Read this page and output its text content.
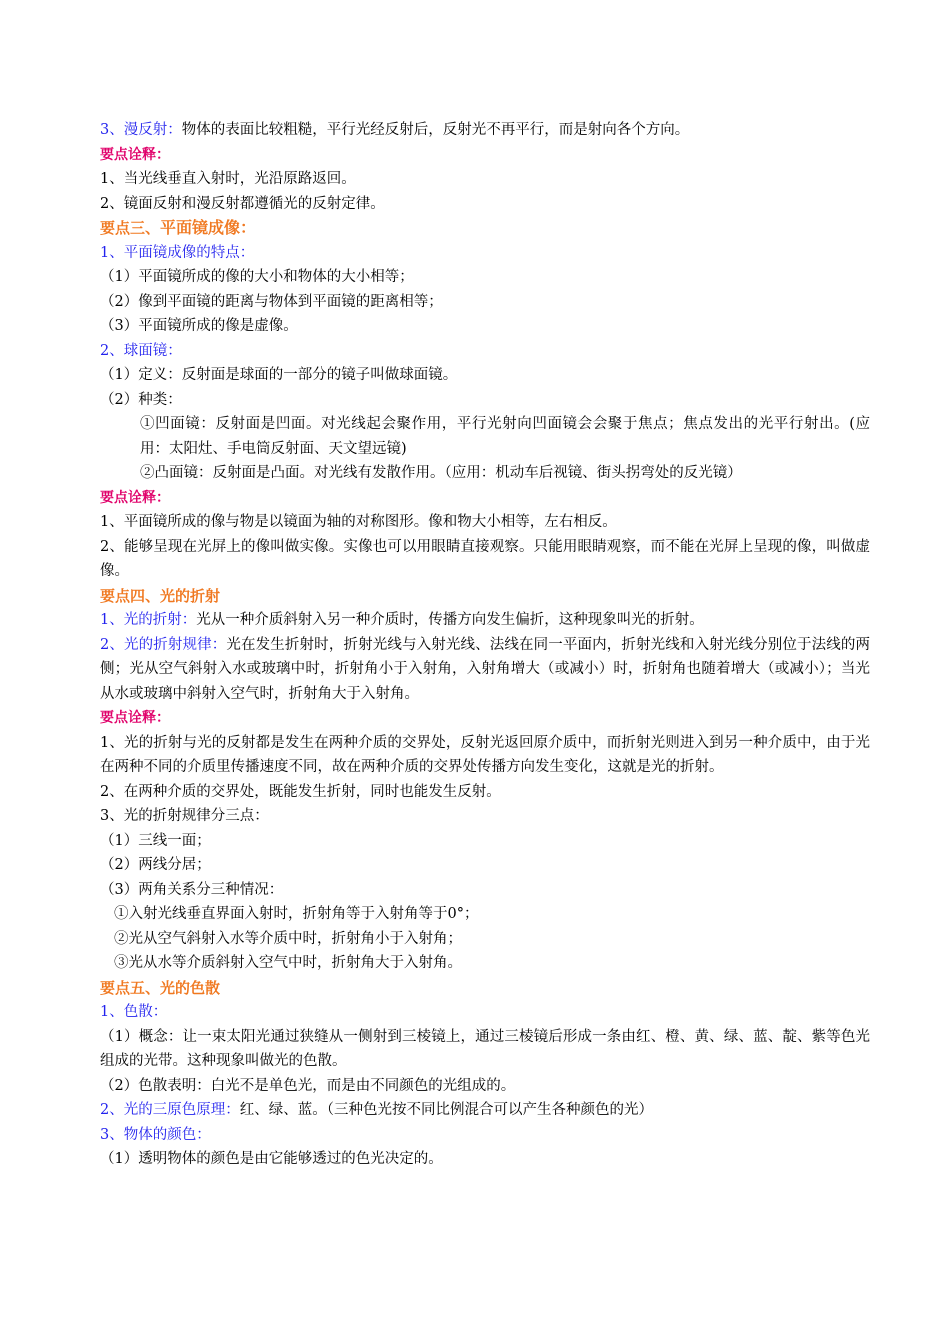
3、漫反射：物体的表面比较粗糙，平行光经反射后，反射光不再平行，而是射向各个方向。
要点诠释：
1、当光线垂直入射时，光沿原路返回。
2、镜面反射和漫反射都遵循光的反射定律。
要点三、平面镜成像：
1、平面镜成像的特点：
（1）平面镜所成的像的大小和物体的大小相等；
（2）像到平面镜的距离与物体到平面镜的距离相等；
（3）平面镜所成的像是虚像。
2、球面镜：
（1）定义：反射面是球面的一部分的镜子叫做球面镜。
（2）种类：
①凹面镜：反射面是凹面。对光线起会聚作用，平行光射向凹面镜会会聚于焦点；焦点发出的光平行射出。(应用：太阳灶、手电筒反射面、天文望远镜)
②凸面镜：反射面是凸面。对光线有发散作用。（应用：机动车后视镜、街头拐弯处的反光镜）
要点诠释：
1、平面镜所成的像与物是以镜面为轴的对称图形。像和物大小相等，左右相反。
2、能够呈现在光屏上的像叫做实像。实像也可以用眼睛直接观察。只能用眼睛观察，而不能在光屏上呈现的像，叫做虚像。
要点四、光的折射
1、光的折射：光从一种介质斜射入另一种介质时，传播方向发生偏折，这种现象叫光的折射。
2、光的折射规律：光在发生折射时，折射光线与入射光线、法线在同一平面内，折射光线和入射光线分别位于法线的两侧；光从空气斜射入水或玻璃中时，折射角小于入射角，入射角增大（或减小）时，折射角也随着增大（或减小）；当光从水或玻璃中斜射入空气时，折射角大于入射角。
要点诠释：
1、光的折射与光的反射都是发生在两种介质的交界处，反射光返回原介质中，而折射光则进入到另一种介质中，由于光在两种不同的介质里传播速度不同，故在两种介质的交界处传播方向发生变化，这就是光的折射。
2、在两种介质的交界处，既能发生折射，同时也能发生反射。
3、光的折射规律分三点：
（1）三线一面；
（2）两线分居；
（3）两角关系分三种情况：
①入射光线垂直界面入射时，折射角等于入射角等于0°；
②光从空气斜射入水等介质中时，折射角小于入射角；
③光从水等介质斜射入空气中时，折射角大于入射角。
要点五、光的色散
1、色散：
（1）概念：让一束太阳光通过狭缝从一侧射到三棱镜上，通过三棱镜后形成一条由红、橙、黄、绿、蓝、靛、紫等色光组成的光带。这种现象叫做光的色散。
（2）色散表明：白光不是单色光，而是由不同颜色的光组成的。
2、光的三原色原理：红、绿、蓝。（三种色光按不同比例混合可以产生各种颜色的光）
3、物体的颜色：
（1）透明物体的颜色是由它能够透过的色光决定的。
